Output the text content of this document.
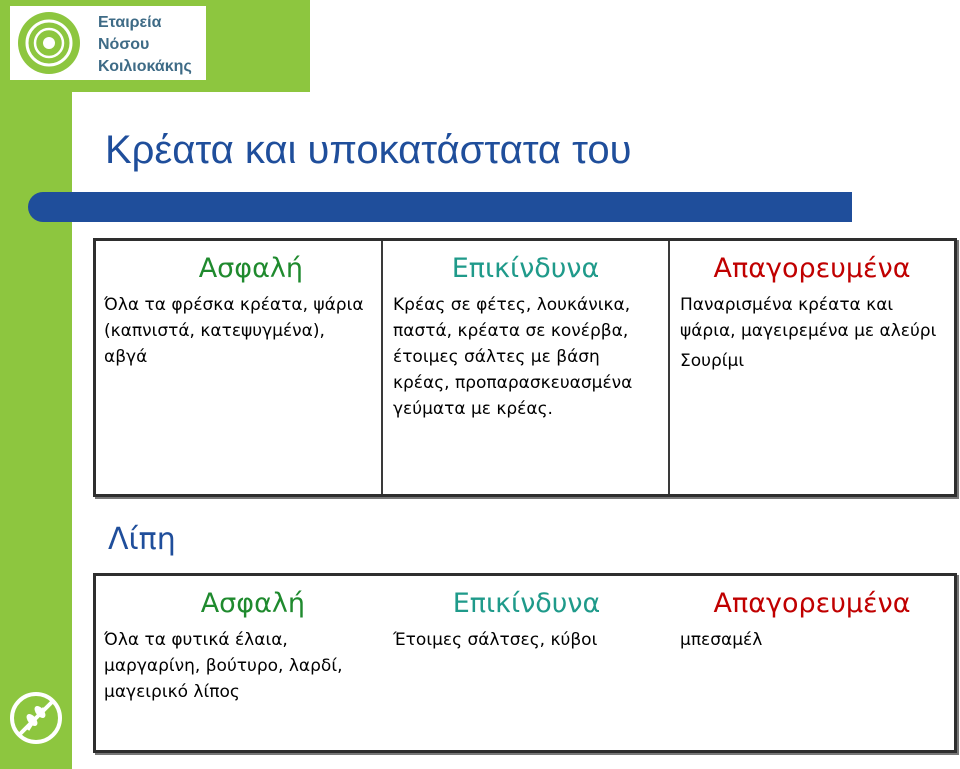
Εταιρεία
Νόσου
Κοιλιοκάκης
Κρέατα και υποκατάστατα του
Ασφαλή

Όλα τα φρέσκα κρέατα, ψάρια (καπνιστά, κατεψυγμένα), αβγά

Επικίνδυνα

Κρέας σε φέτες, λουκάνικα, παστά, κρέατα σε κονέρβα, έτοιμες σάλτες με βάση κρέας, προπαρασκευασμένα γεύματα με κρέας.

Απαγορευμένα

Παναρισμένα κρέατα και ψάρια, μαγειρεμένα με αλεύρι

Σουρίμι

Λίπη
Ασφαλή

Όλα τα φυτικά έλαια, μαργαρίνη, βούτυρο, λαρδί, μαγειρικό λίπος

Επικίνδυνα

Έτοιμες σάλτσες, κύβοι

Απαγορευμένα

μπεσαμέλ
